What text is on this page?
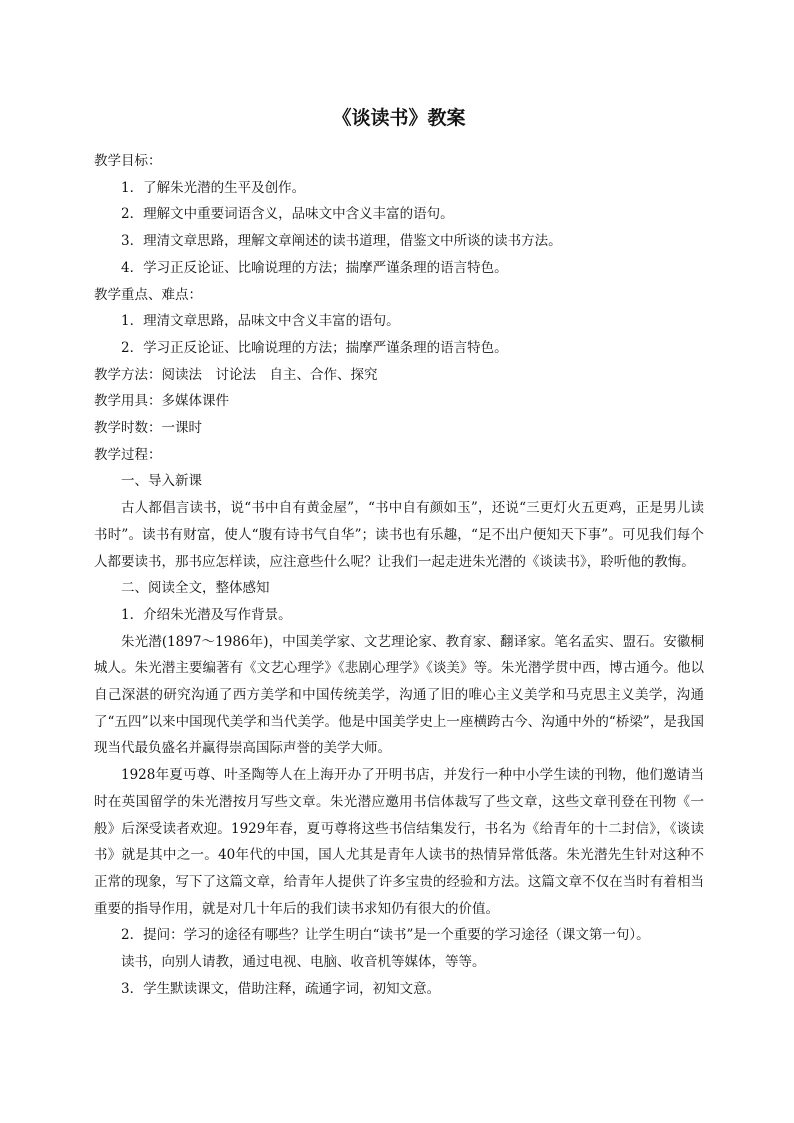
《谈读书》教案

教学目标：

1．了解朱光潜的生平及创作。

2．理解文中重要词语含义，品味文中含义丰富的语句。

3．理清文章思路，理解文章阐述的读书道理，借鉴文中所谈的读书方法。

4．学习正反论证、比喻说理的方法；揣摩严谨条理的语言特色。

教学重点、难点：

1．理清文章思路，品味文中含义丰富的语句。

2．学习正反论证、比喻说理的方法；揣摩严谨条理的语言特色。

教学方法：阅读法　讨论法　自主、合作、探究

教学用具：多媒体课件

教学时数：一课时

教学过程：

一、导入新课

古人都倡言读书，说“书中自有黄金屋”，“书中自有颜如玉”，还说“三更灯火五更鸡，正是男儿读书时”。读书有财富，使人“腹有诗书气自华”；读书也有乐趣，“足不出户便知天下事”。可见我们每个人都要读书，那书应怎样读，应注意些什么呢？让我们一起走进朱光潜的《谈读书》，聆听他的教悔。

二、阅读全文，整体感知

1．介绍朱光潜及写作背景。

朱光潜(1897～1986年)，中国美学家、文艺理论家、教育家、翻译家。笔名孟实、盟石。安徽桐城人。朱光潜主要编著有《文艺心理学》《悲剧心理学》《谈美》等。朱光潜学贯中西，博古通今。他以自己深湛的研究沟通了西方美学和中国传统美学，沟通了旧的唯心主义美学和马克思主义美学，沟通了“五四”以来中国现代美学和当代美学。他是中国美学史上一座横跨古今、沟通中外的“桥梁”，是我国现当代最负盛名并赢得崇高国际声誉的美学大师。

1928年夏丏尊、叶圣陶等人在上海开办了开明书店，并发行一种中小学生读的刊物，他们邀请当时在英国留学的朱光潜按月写些文章。朱光潜应邀用书信体裁写了些文章，这些文章刊登在刊物《一般》后深受读者欢迎。1929年春，夏丏尊将这些书信结集发行，书名为《给青年的十二封信》，《谈读书》就是其中之一。40年代的中国，国人尤其是青年人读书的热情异常低落。朱光潜先生针对这种不正常的现象，写下了这篇文章，给青年人提供了许多宝贵的经验和方法。这篇文章不仅在当时有着相当重要的指导作用，就是对几十年后的我们读书求知仍有很大的价值。

2．提问：学习的途径有哪些？让学生明白“读书”是一个重要的学习途径（课文第一句）。

读书，向别人请教，通过电视、电脑、收音机等媒体，等等。

3．学生默读课文，借助注释，疏通字词，初知文意。
